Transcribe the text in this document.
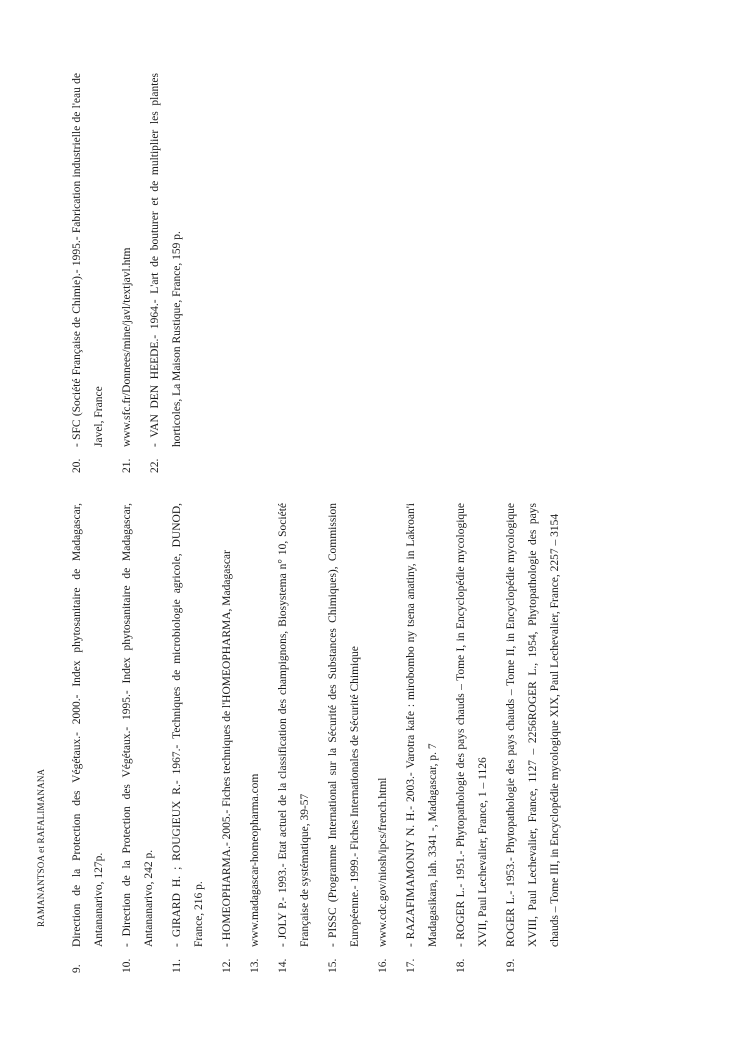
RAMANANTSOA et RAFALIMANANA
9.
Direction de la Protection des Végétaux.- 2000.- Index phytosanitaire de Madagascar, Antananarivo, 127p.
10.
- Direction de la Protection des Végétaux.- 1995.- Index phytosanitaire de Madagascar, Antananarivo, 242 p.
11.
- GIRARD H. ; ROUGIEUX R.- 1967.- Techniques de microbiologie agricole, DUNOD, France, 216 p.
12.
- HOMEOPHARMA.- 2005.- Fiches techniques de l'HOMEOPHARMA, Madagascar
13.
www.madagascar-homeopharma.com
14.
- JOLY P.- 1993.- Etat actuel de la classification des champignons, Biosystema n° 10, Société Française de systématique, 39-57
15.
- PISSC (Programme International sur la Sécurité des Substances Chimiques), Commission Européenne.- 1999.- Fiches Internationales de Sécurité Chimique
16.
www.cdc.gov/niosh/ipcs/french.html
17.
- RAZAFIMAMONJY N. H.- 2003.- Varotra kafe : mirobombo ny tsena anatiny, in Lakroan'i Madagasikara, lah. 3341 -, Madagascar, p. 7
18.
- ROGER L.- 1951.- Phytopathologie des pays chauds – Tome I, in Encyclopédie mycologique XVII, Paul Lechevalier, France, 1 – 1126
19.
ROGER L.- 1953.- Phytopathologie des pays chauds – Tome II, in Encyclopédie mycologique XVIII, Paul Lechevalier, France, 1127 – 2256ROGER L., 1954, Phytopathologie des pays chauds – Tome III, in Encyclopédie mycologique XIX, Paul Lechevalier, France, 2257 – 3154
20.
- SFC (Société Française de Chimie).- 1995.- Fabrication industrielle de l'eau de Javel, France
21.
www.sfc.fr/Donnees/mine/javl/textjavl.htm
22.
- VAN DEN HEEDE.- 1964.- L'art de bouturer et de multiplier les plantes horticoles, La Maison Rustique, France, 159 p.
